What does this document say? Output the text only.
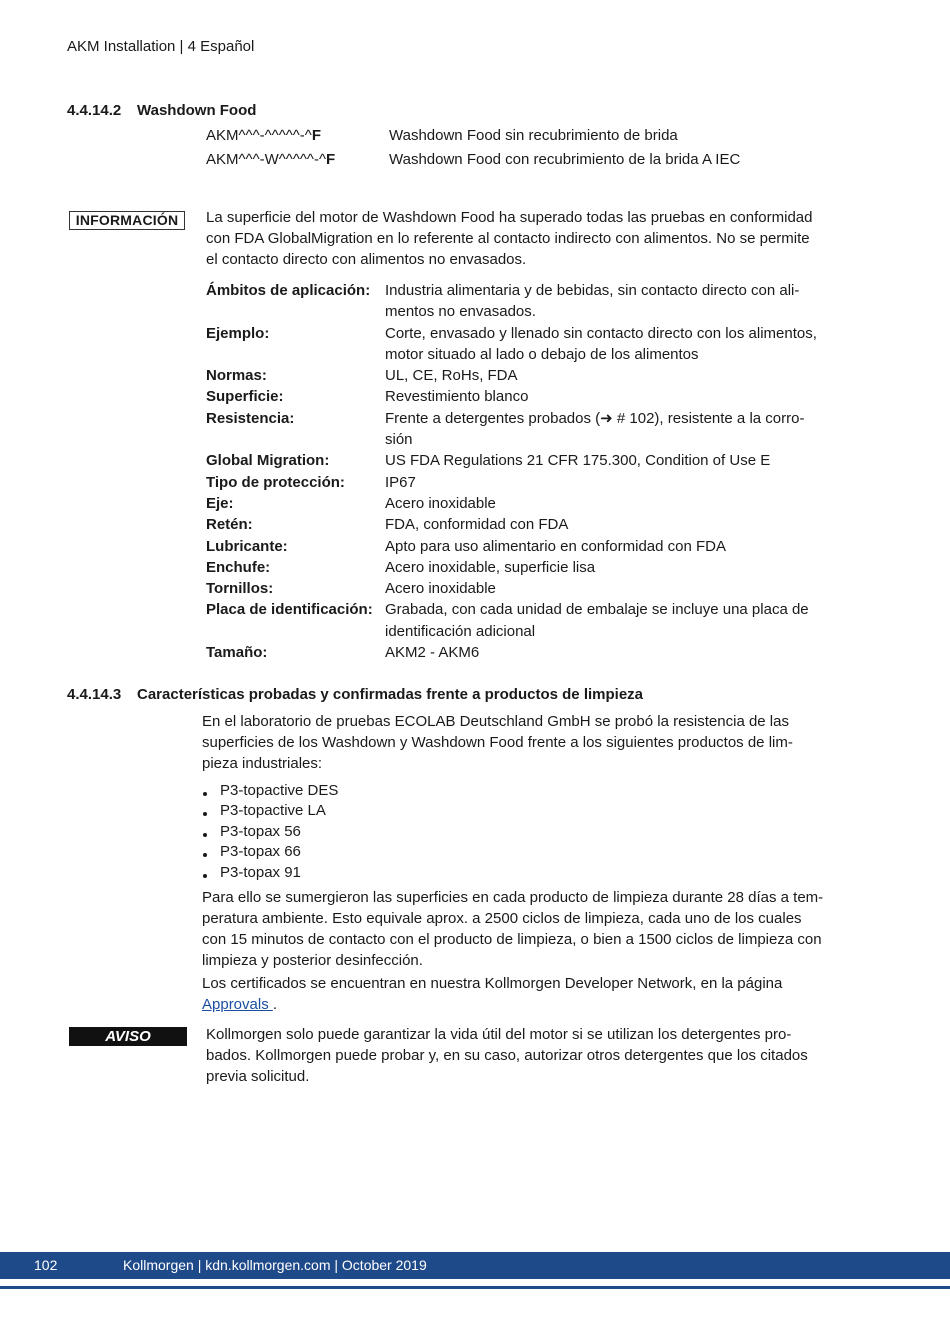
AKM Installation | 4 Español
4.4.14.2 Washdown Food
AKM^^^-^^^^^-^F	Washdown Food sin recubrimiento de brida
AKM^^^-W^^^^^-^F	Washdown Food con recubrimiento de la brida A IEC
INFORMACIÓN	La superficie del motor de Washdown Food ha superado todas las pruebas en conformidad
con FDA GlobalMigration en lo referente al contacto indirecto con alimentos. No se permite
el contacto directo con alimentos no envasados.
Ámbitos de aplicación:	Industria alimentaria y de bebidas, sin contacto directo con ali-
mentos no envasados.

Ejemplo:	Corte, envasado y llenado sin contacto directo con los alimentos,
motor situado al lado o debajo de los alimentos

Normas:	UL, CE, RoHs, FDA

Superficie:	Revestimiento blanco

Resistencia:	Frente a detergentes probados (➜ # 102), resistente a la corro-
sión

Global Migration:	US FDA Regulations 21 CFR 175.300, Condition of Use E

Tipo de protección:	IP67

Eje:	Acero inoxidable

Retén:	FDA, conformidad con FDA

Lubricante:	Apto para uso alimentario en conformidad con FDA

Enchufe:	Acero inoxidable, superficie lisa

Tornillos:	Acero inoxidable

Placa de identificación:	Grabada, con cada unidad de embalaje se incluye una placa de
identificación adicional

Tamaño:	AKM2 - AKM6
4.4.14.3 Características probadas y confirmadas frente a productos de limpieza
En el laboratorio de pruebas ECOLAB Deutschland GmbH se probó la resistencia de las
superficies de los Washdown y Washdown Food frente a los siguientes productos de lim-
pieza industriales:
P3-topactive DES
P3-topactive LA
P3-topax 56
P3-topax 66
P3-topax 91
Para ello se sumergieron las superficies en cada producto de limpieza durante 28 días a tem-
peratura ambiente. Esto equivale aprox. a 2500 ciclos de limpieza, cada uno de los cuales
con 15 minutos de contacto con el producto de limpieza, o bien a 1500 ciclos de limpieza con
limpieza y posterior desinfección.
Los certificados se encuentran en nuestra Kollmorgen Developer Network, en la página
Approvals .
AVISO	Kollmorgen solo puede garantizar la vida útil del motor si se utilizan los detergentes pro-
bados. Kollmorgen puede probar y, en su caso, autorizar otros detergentes que los citados
previa solicitud.
102	Kollmorgen | kdn.kollmorgen.com | October 2019
